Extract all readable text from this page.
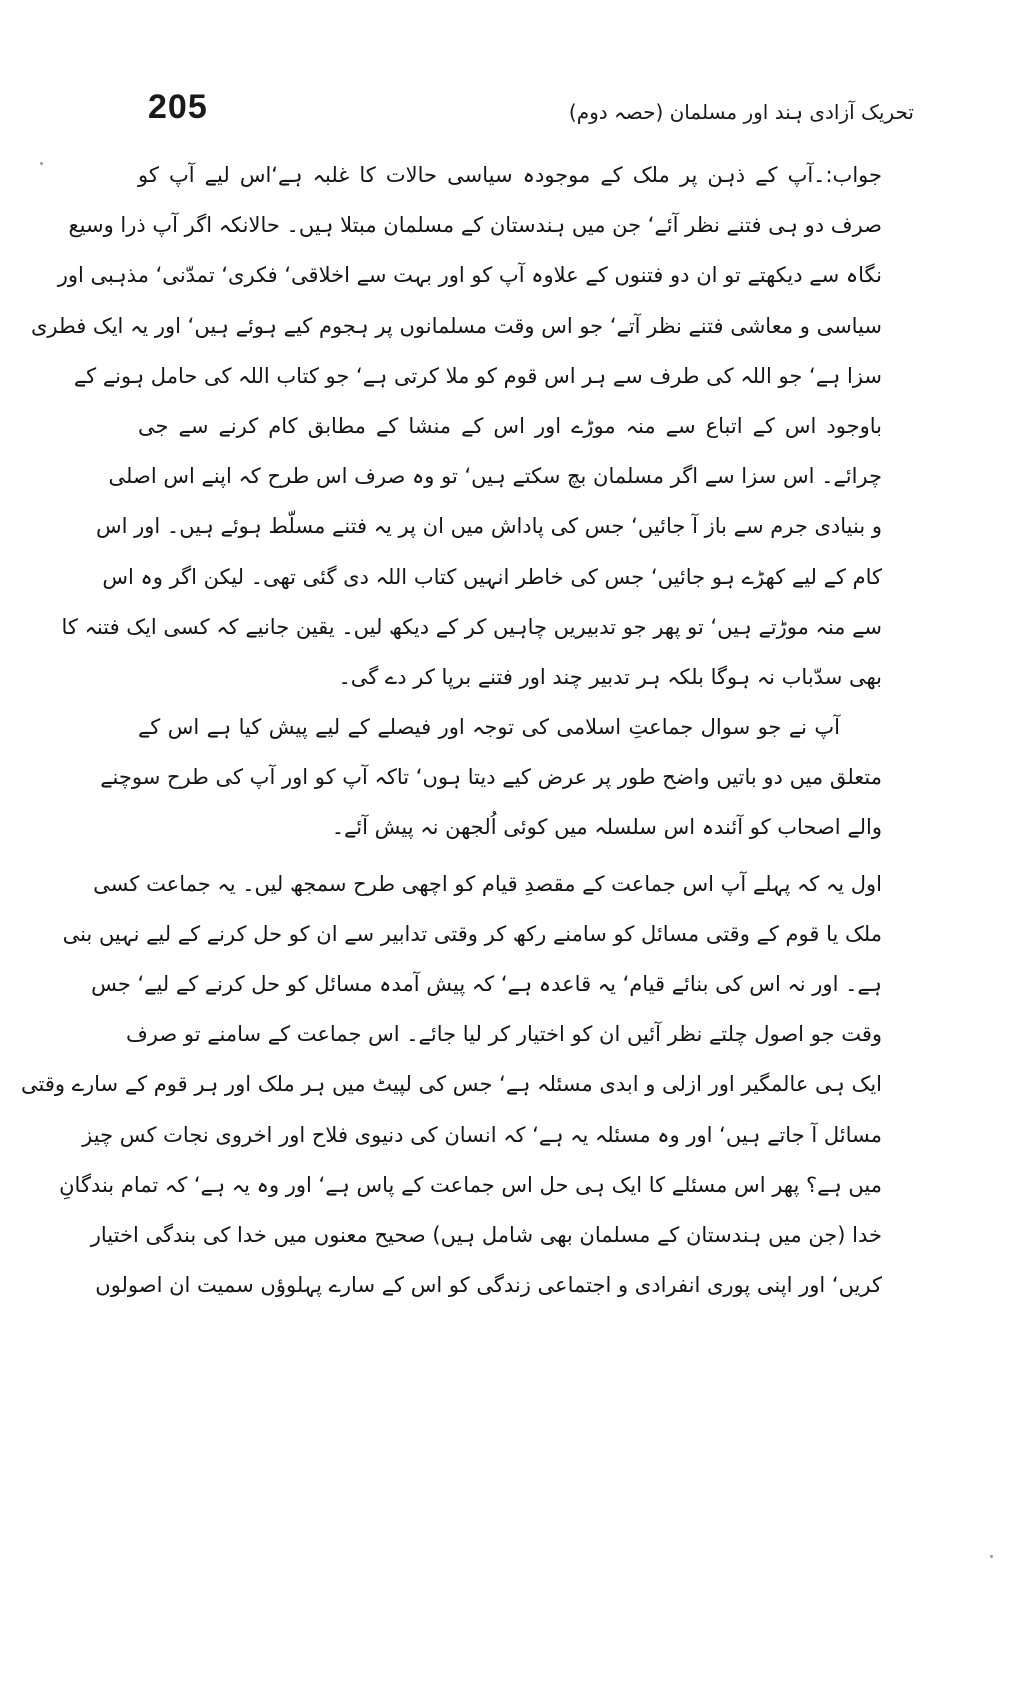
205	تحریک آزادی ہند اور مسلمان (حصہ دوم)
جواب:۔آپ کے ذہن پر ملک کے موجودہ سیاسی حالات کا غلبہ ہے‘اس لیے آپ کو
صرف دو ہی فتنے نظر آئے‘ جن میں ہندستان کے مسلمان مبتلا ہیں۔ حالانکہ اگر آپ ذرا وسیع
نگاہ سے دیکھتے تو ان دو فتنوں کے علاوہ آپ کو اور بہت سے اخلاقی‘ فکری‘ تمدّنی‘ مذہبی اور
سیاسی و معاشی فتنے نظر آتے‘ جو اس وقت مسلمانوں پر ہجوم کیے ہوئے ہیں‘ اور یہ ایک فطری
سزا ہے‘ جو اللہ کی طرف سے ہر اس قوم کو ملا کرتی ہے‘ جو کتاب اللہ کی حامل ہونے کے
باوجود اس کے اتباع سے منہ موڑے اور اس کے منشا کے مطابق کام کرنے سے جی
چرائے۔ اس سزا سے اگر مسلمان بچ سکتے ہیں‘ تو وہ صرف اس طرح کہ اپنے اس اصلی
و بنیادی جرم سے باز آ جائیں‘ جس کی پاداش میں ان پر یہ فتنے مسلّط ہوئے ہیں۔ اور اس
کام کے لیے کھڑے ہو جائیں‘ جس کی خاطر انہیں کتاب اللہ دی گئی تھی۔ لیکن اگر وہ اس
سے منہ موڑتے ہیں‘ تو پھر جو تدبیریں چاہیں کر کے دیکھ لیں۔ یقین جانیے کہ کسی ایک فتنہ کا
بھی سدّباب نہ ہوگا بلکہ ہر تدبیر چند اور فتنے برپا کر دے گی۔
آپ نے جو سوال جماعتِ اسلامی کی توجہ اور فیصلے کے لیے پیش کیا ہے اس کے
متعلق میں دو باتیں واضح طور پر عرض کیے دیتا ہوں‘ تاکہ آپ کو اور آپ کی طرح سوچنے
والے اصحاب کو آئندہ اس سلسلہ میں کوئی اُلجھن نہ پیش آئے۔
اول یہ کہ پہلے آپ اس جماعت کے مقصدِ قیام کو اچھی طرح سمجھ لیں۔ یہ جماعت کسی
ملک یا قوم کے وقتی مسائل کو سامنے رکھ کر وقتی تدابیر سے ان کو حل کرنے کے لیے نہیں بنی
ہے۔ اور نہ اس کی بنائے قیام‘ یہ قاعدہ ہے‘ کہ پیش آمدہ مسائل کو حل کرنے کے لیے‘ جس
وقت جو اصول چلتے نظر آئیں ان کو اختیار کر لیا جائے۔ اس جماعت کے سامنے تو صرف
ایک ہی عالمگیر اور ازلی و ابدی مسئلہ ہے‘ جس کی لپیٹ میں ہر ملک اور ہر قوم کے سارے وقتی
مسائل آ جاتے ہیں‘ اور وہ مسئلہ یہ ہے‘ کہ انسان کی دنیوی فلاح اور اخروی نجات کس چیز
میں ہے؟ پھر اس مسئلے کا ایک ہی حل اس جماعت کے پاس ہے‘ اور وہ یہ ہے‘ کہ تمام بندگانِ
خدا (جن میں ہندستان کے مسلمان بھی شامل ہیں) صحیح معنوں میں خدا کی بندگی اختیار
کریں‘ اور اپنی پوری انفرادی و اجتماعی زندگی کو اس کے سارے پہلوؤں سمیت ان اصولوں
